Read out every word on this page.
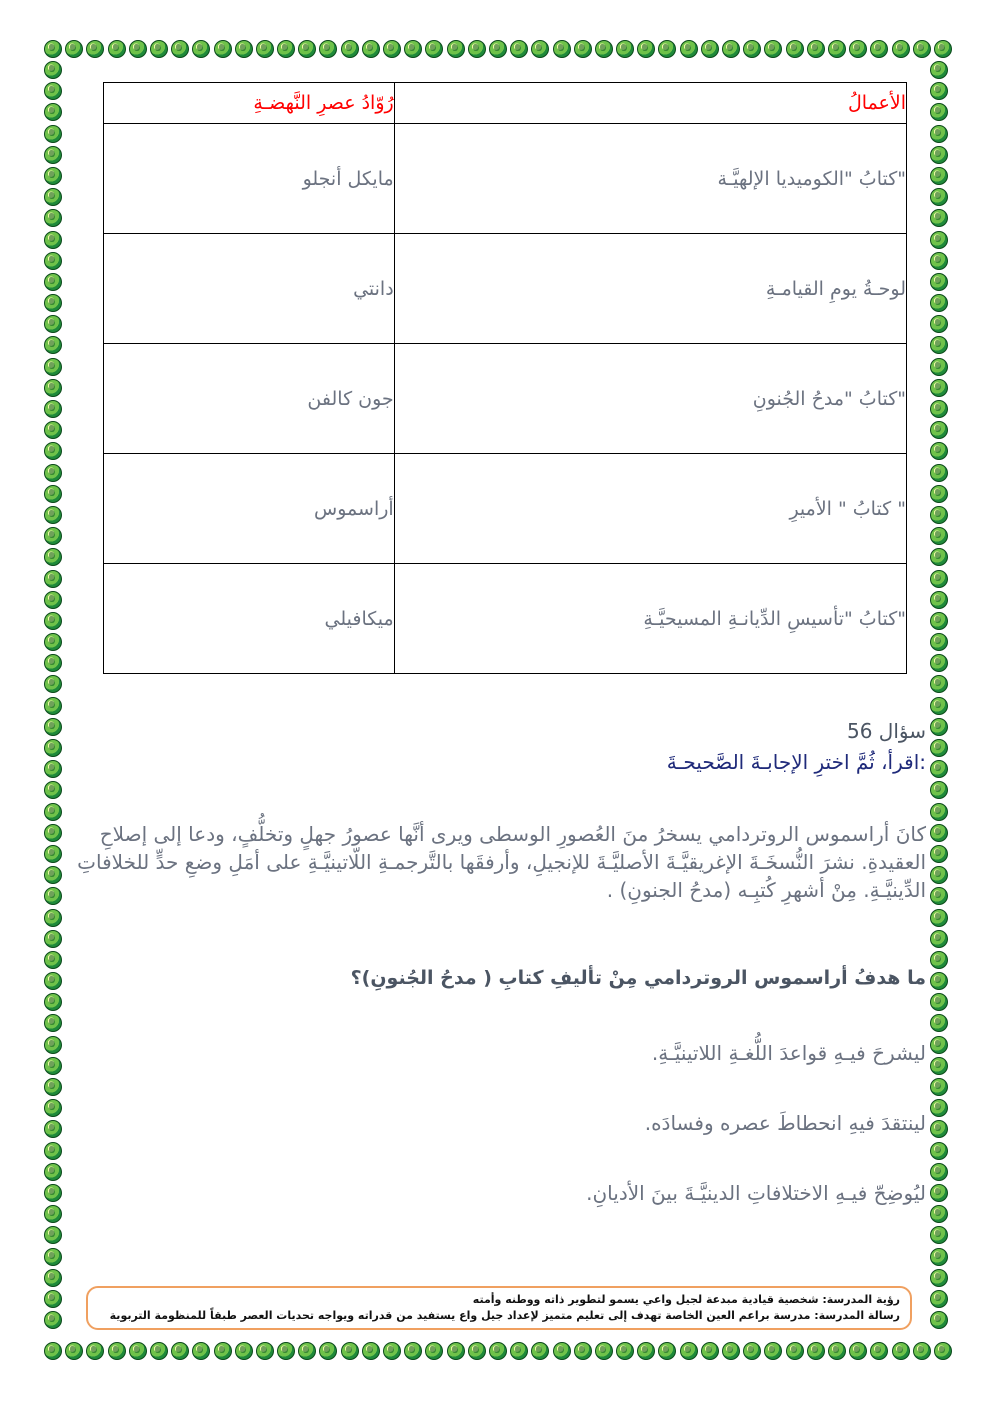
الأعمالُ	رُوّادُ عصرِ النَّهضـةِ
"كتابُ "الكوميديا الإلهيَّـة	مايكل أنجلو
لوحـةُ يومِ القيامـةِ	دانتي
"كتابُ "مدحُ الجُنونِ	جون كالفن
" كتابُ " الأميرِ	أراسموس
"كتابُ "تأسيسِ الدِّيانـةِ المسيحيَّـةِ	ميكافيلي
سؤال 56
:اقرأ، ثُمَّ اخترِ الإجابـةَ الصَّحيحـةَ
كانَ أراسموس الروتردامي يسخرُ منَ العُصورِ الوسطى ويرى أنَّها عصورُ جهلٍ وتخلُّفٍ، ودعا إلى إصلاحِ العقيدةِ. نشرَ النُّسخَـةَ الإغريقيَّـةَ الأصليَّـةَ للإنجيلِ، وأرفقَها بالتَّرجمـةِ اللّاتينيَّـةِ على أمَلِ وضعِ حدٍّ للخلافاتِ الدِّينيَّـةِ. مِنْ أشهرِ كُتبِـه (مدحُ الجنونِ) .
ما هدفُ أراسموس الروتردامي مِنْ تأليفِ كتابِ ( مدحُ الجُنونِ)؟
ليشرحَ فيـهِ قواعدَ اللُّغـةِ اللاتينيَّـةِ.
لينتقدَ فيهِ انحطاطَ عصره وفسادَه.
ليُوضِحّ فيـهِ الاختلافاتِ الدينيَّـةَ بينَ الأديانِ.
رؤية المدرسة: شخصية قيادية مبدعة لجيل واعي يسمو لتطوير ذاته ووطنه وأمته
رسالة المدرسة: مدرسة براعم العين الخاصة تهدف إلى تعليم متميز لإعداد جيل واع يستفيد من قدراته ويواجه تحديات العصر طبقاً للمنظومة التربوية
